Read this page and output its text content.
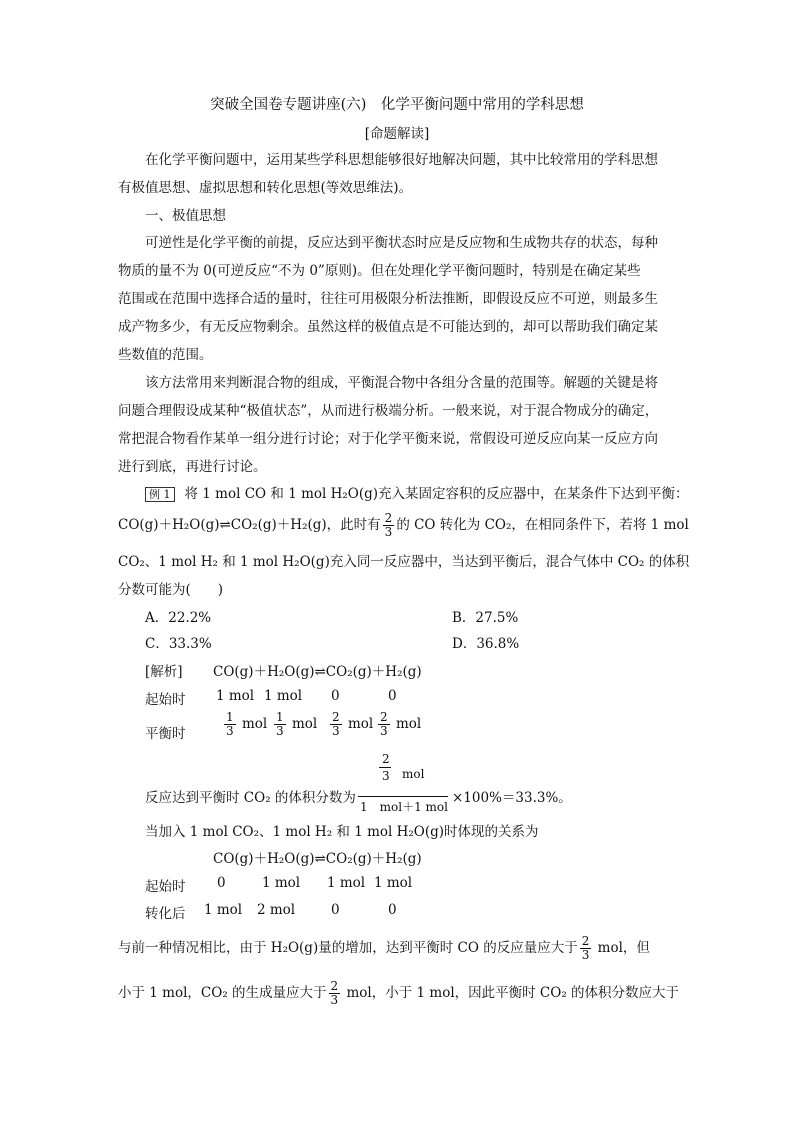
突破全国卷专题讲座(六)　化学平衡问题中常用的学科思想
[命题解读]
在化学平衡问题中，运用某些学科思想能够很好地解决问题，其中比较常用的学科思想
有极值思想、虚拟思想和转化思想(等效思维法)。
一、极值思想
可逆性是化学平衡的前提，反应达到平衡状态时应是反应物和生成物共存的状态，每种
物质的量不为 0(可逆反应“不为 0”原则)。但在处理化学平衡问题时，特别是在确定某些
范围或在范围中选择合适的量时，往往可用极限分析法推断，即假设反应不可逆，则最多生
成产物多少，有无反应物剩余。虽然这样的极值点是不可能达到的，却可以帮助我们确定某
些数值的范围。
该方法常用来判断混合物的组成，平衡混合物中各组分含量的范围等。解题的关键是将
问题合理假设成某种“极值状态”，从而进行极端分析。一般来说，对于混合物成分的确定，
常把混合物看作某单一组分进行讨论；对于化学平衡来说，常假设可逆反应向某一反应方向
进行到底，再进行讨论。
例 1 将 1 mol CO 和 1 mol H₂O(g)充入某固定容积的反应器中，在某条件下达到平衡：
CO(g)＋H₂O(g)⇌CO₂(g)＋H₂(g)，此时有 $\frac{2}{3}$ 的 CO 转化为 CO₂，在相同条件下，若将 1 mol
CO₂、1 mol H₂ 和 1 mol H₂O(g)充入同一反应器中，当达到平衡后，混合气体中 CO₂ 的体积
分数可能为(　　)
A．22.2%	B．27.5%
C．33.3%	D．36.8%
[解析] CO(g)＋H₂O(g)⇌CO₂(g)＋H₂(g)
起始时 1 mol 1 mol 0	0
平衡时	$\frac{1}{3}$ mol $\frac{1}{3}$ mol $\frac{2}{3}$ mol $\frac{2}{3}$ mol
反应达到平衡时 CO₂ 的体积分数为
2
3 mol
1　mol＋1 mol
×100%＝33.3%。
当加入 1 mol CO₂、1 mol H₂ 和 1 mol H₂O(g)时体现的关系为
CO(g)＋H₂O(g)⇌CO₂(g)＋H₂(g)
起始时 0	1 mol 1 mol 1 mol
转化后 1 mol 2 mol	0	0
与前一种情况相比，由于 H₂O(g)量的增加，达到平衡时 CO 的反应量应大于 $\frac{2}{3}$ mol，但
小于 1 mol，CO₂ 的生成量应大于 $\frac{2}{3}$ mol，小于 1 mol，因此平衡时 CO₂ 的体积分数应大于
